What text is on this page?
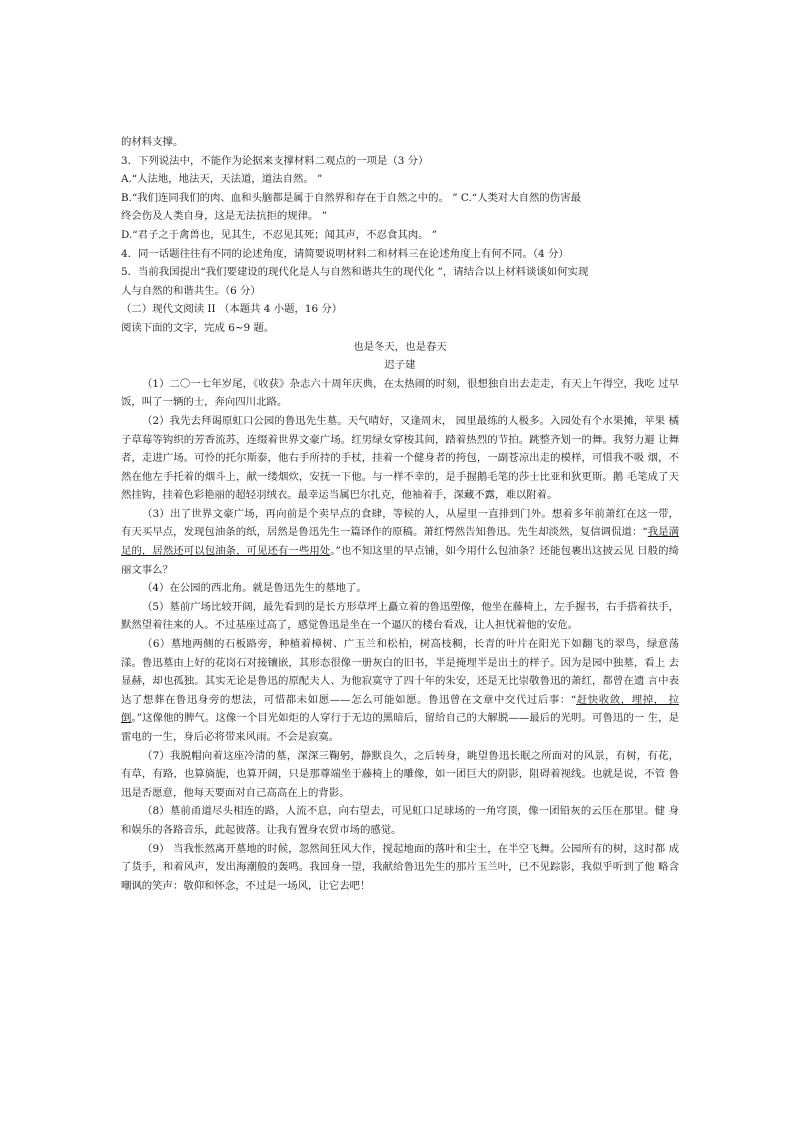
的材料支撑。
3．下列说法中，不能作为论据来支撑材料二观点的一项是（3 分）
A.“人法地，地法天，天法道，道法自然。 ”
B.“我们连同我们的肉、血和头脑都是属于自然界和存在于自然之中的。 ” C.“人类对大自然的伤害最
终会伤及人类自身，这是无法抗拒的规律。 ”
D.“君子之于禽兽也，见其生，不忍见其死；闻其声，不忍食其肉。 ”
4．同一话题往往有不同的论述角度，请简要说明材料二和材料三在论述角度上有何不同。（4 分）
5．当前我国提出“我们要建设的现代化是人与自然和谐共生的现代化 ”，请结合以上材料谈谈如何实现
人与自然的和谐共生。（6 分）
（二）现代文阅读 II （本题共 4 小题，16 分）
阅读下面的文字，完成 6~9 题。
也是冬天，也是春天
迟子建

（1）二〇一七年岁尾，《收获》杂志六十周年庆典，在太热闹的时刻，很想独自出去走走，有天上午得空，我吃 过早饭，叫了一辆的士，奔向四川北路。

（2）我先去拜谒原虹口公园的鲁迅先生墓。天气晴好，又逢周末， 园里最练的人极多。入园处有个水果摊，苹果 橘子草莓等钩织的芳香流苏，连缀着世界文豪广场。红男绿女穿梭其间，踏着热烈的节拍。跳整齐划一的舞。我努力避 让舞者，走进广场。可怜的托尔斯泰，他右手所持的手杖，挂着一个健身者的挎包，一副苍凉出走的模样，可惜我不吸 烟，不然在他左手托着的烟斗上，献一缕烟炊，安抚一下他。与一样不幸的，是手握鹅毛笔的莎士比亚和狄更斯。鹅 毛笔成了天然挂钩，挂着色彩艳丽的超轻羽绒衣。最幸运当属巴尔扎克，他袖着手，深藏不露，难以附着。

（3）出了世界文豪广场，再向前是个卖早点的食肆，等候的人，从屋里一直排到门外。想着多年前萧红在这一带， 有天买早点，发现包油条的纸，居然是鲁迅先生一篇译作的原稿。萧红愕然告知鲁迅。先生却淡然，复信调侃道：“我是满足的，居然还可以包油条，可见还有一些用处。”也不知这里的早点铺，如今用什么包油条？还能包裹出这披云见 日般的绮丽文事么？

（4）在公园的西北角。就是鲁迅先生的墓地了。

（5）墓前广场比较开阔，最先看到的是长方形草坪上矗立着的鲁迅塑像，他坐在藤椅上，左手握书，右手搭着扶手，默然望着往来的人。不过基座过高了，感觉鲁迅是坐在一个逼仄的楼台看戏，让人担忧着他的安危。

（6）墓地两侧的石板路旁，种植着樟树、广玉兰和松柏，树高枝稠，长青的叶片在阳光下如翻飞的翠鸟，绿意荡 漾。鲁迅墓由上好的花岗石对接镶嵌，其形态很像一册灰白的旧书，半是掩埋半是出土的样子。因为是园中独墓，看上 去显赫，却也孤独。其实无论是鲁迅的原配夫人、为他寂寞守了四十年的朱安，还是无比崇敬鲁迅的萧红，都曾在遗 言中表达了想葬在鲁迅身旁的想法，可惜都未如愿——怎么可能如愿。鲁迅曾在文章中交代过后事：“赶快收敛，埋掉， 拉倒。”这像他的脾气。这像一个目光如炬的人穿行于无边的黑暗后，留给自己的大解脱——最后的光明。可鲁迅的一 生，是雷电的一生，身后必将带来风雨。不会是寂寞。

（7）我脱帽向着这座冷清的墓，深深三鞠躬，静默良久，之后转身，眺望鲁迅长眠之所面对的风景，有树，有花， 有草，有路，也算旖旎，也算开阔，只是那尊端坐于藤椅上的雕像，如一团巨大的阴影，阻碍着视线。也就是说，不管 鲁迅是否愿意，他每天要面对自己高高在上的背影。

（8）墓前甬道尽头相连的路，人流不息，向右望去，可见虹口足球场的一角穹顶，像一团铅灰的云压在那里。健 身和娱乐的各路音乐，此起彼落。让我有置身农贸市场的感觉。

（9） 当我怅然离开墓地的时候，忽然间狂风大作，搅起地面的落叶和尘土，在半空飞舞。公园所有的树，这时都 成了货手，和着风声，发出海潮般的轰鸣。我回身一望，我献给鲁迅先生的那片玉兰叶，已不见踪影，我似乎听到了他 略含嘲讽的笑声：敬仰和怀念，不过是一场风，让它去吧！
